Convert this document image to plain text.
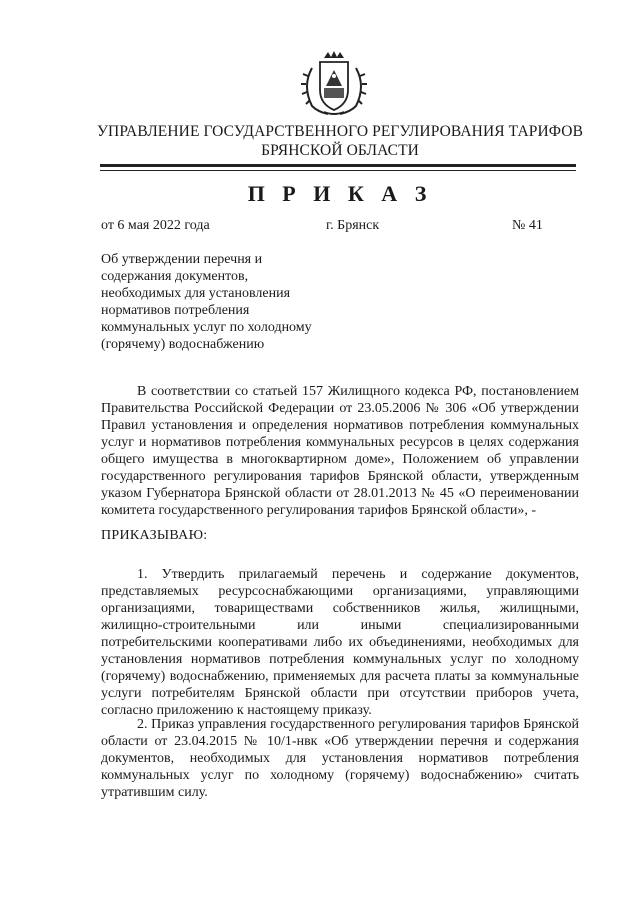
УПРАВЛЕНИЕ ГОСУДАРСТВЕННОГО РЕГУЛИРОВАНИЯ ТАРИФОВ
БРЯНСКОЙ ОБЛАСТИ
П Р И К А З
от 6 мая 2022 года	г. Брянск	№ 41
Об утверждении перечня и
содержания документов,
необходимых для установления
нормативов потребления
коммунальных услуг по холодному
(горячему) водоснабжению
В соответствии со статьей 157 Жилищного кодекса РФ, постановлением Правительства Российской Федерации от 23.05.2006 № 306 «Об утверждении Правил установления и определения нормативов потребления коммунальных услуг и нормативов потребления коммунальных ресурсов в целях содержания общего имущества в многоквартирном доме», Положением об управлении государственного регулирования тарифов Брянской области, утвержденным указом Губернатора Брянской области от 28.01.2013 № 45 «О переименовании комитета государственного регулирования тарифов Брянской области», -
ПРИКАЗЫВАЮ:
1. Утвердить прилагаемый перечень и содержание документов, представляемых ресурсоснабжающими организациями, управляющими организациями, товариществами собственников жилья, жилищными, жилищно-строительными или иными специализированными потребительскими кооперативами либо их объединениями, необходимых для установления нормативов потребления коммунальных услуг по холодному (горячему) водоснабжению, применяемых для расчета платы за коммунальные услуги потребителям Брянской области при отсутствии приборов учета, согласно приложению к настоящему приказу.
2. Приказ управления государственного регулирования тарифов Брянской области от 23.04.2015 № 10/1-нвк «Об утверждении перечня и содержания документов, необходимых для установления нормативов потребления коммунальных услуг по холодному (горячему) водоснабжению» считать утратившим силу.
